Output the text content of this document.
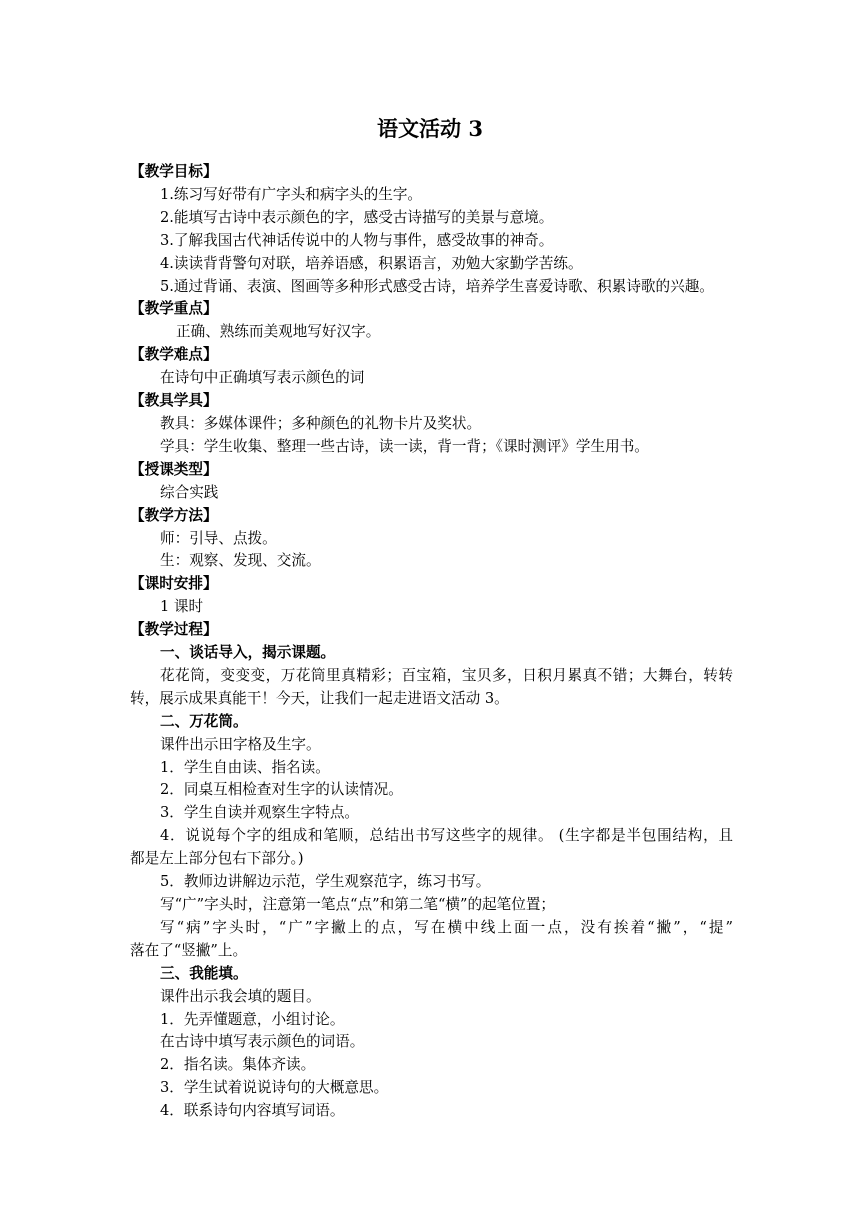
语文活动 3

【教学目标】

1.练习写好带有广字头和病字头的生字。

2.能填写古诗中表示颜色的字，感受古诗描写的美景与意境。

3.了解我国古代神话传说中的人物与事件，感受故事的神奇。

4.读读背背警句对联，培养语感，积累语言，劝勉大家勤学苦练。

5.通过背诵、表演、图画等多种形式感受古诗，培养学生喜爱诗歌、积累诗歌的兴趣。

【教学重点】

正确、熟练而美观地写好汉字。

【教学难点】

在诗句中正确填写表示颜色的词

【教具学具】

教具：多媒体课件；多种颜色的礼物卡片及奖状。

学具：学生收集、整理一些古诗，读一读，背一背；《课时测评》学生用书。

【授课类型】

综合实践

【教学方法】

师：引导、点拨。

生：观察、发现、交流。

【课时安排】

1 课时

【教学过程】

一、谈话导入，揭示课题。

花花筒，变变变，万花筒里真精彩；百宝箱，宝贝多，日积月累真不错；大舞台，转转

转，展示成果真能干！今天，让我们一起走进语文活动 3。

二、万花筒。

课件出示田字格及生字。

1．学生自由读、指名读。

2．同桌互相检查对生字的认读情况。

3．学生自读并观察生字特点。

4．说说每个字的组成和笔顺，总结出书写这些字的规律。 (生字都是半包围结构，且

都是左上部分包右下部分。)

5．教师边讲解边示范，学生观察范字，练习书写。

写“广”字头时，注意第一笔点“点”和第二笔“横”的起笔位置；

写“病”字头时，“广”字撇上的点，写在横中线上面一点，没有挨着“撇”，“提”

落在了“竖撇”上。

三、我能填。

课件出示我会填的题目。

1．先弄懂题意，小组讨论。

在古诗中填写表示颜色的词语。

2．指名读。集体齐读。

3．学生试着说说诗句的大概意思。

4．联系诗句内容填写词语。
